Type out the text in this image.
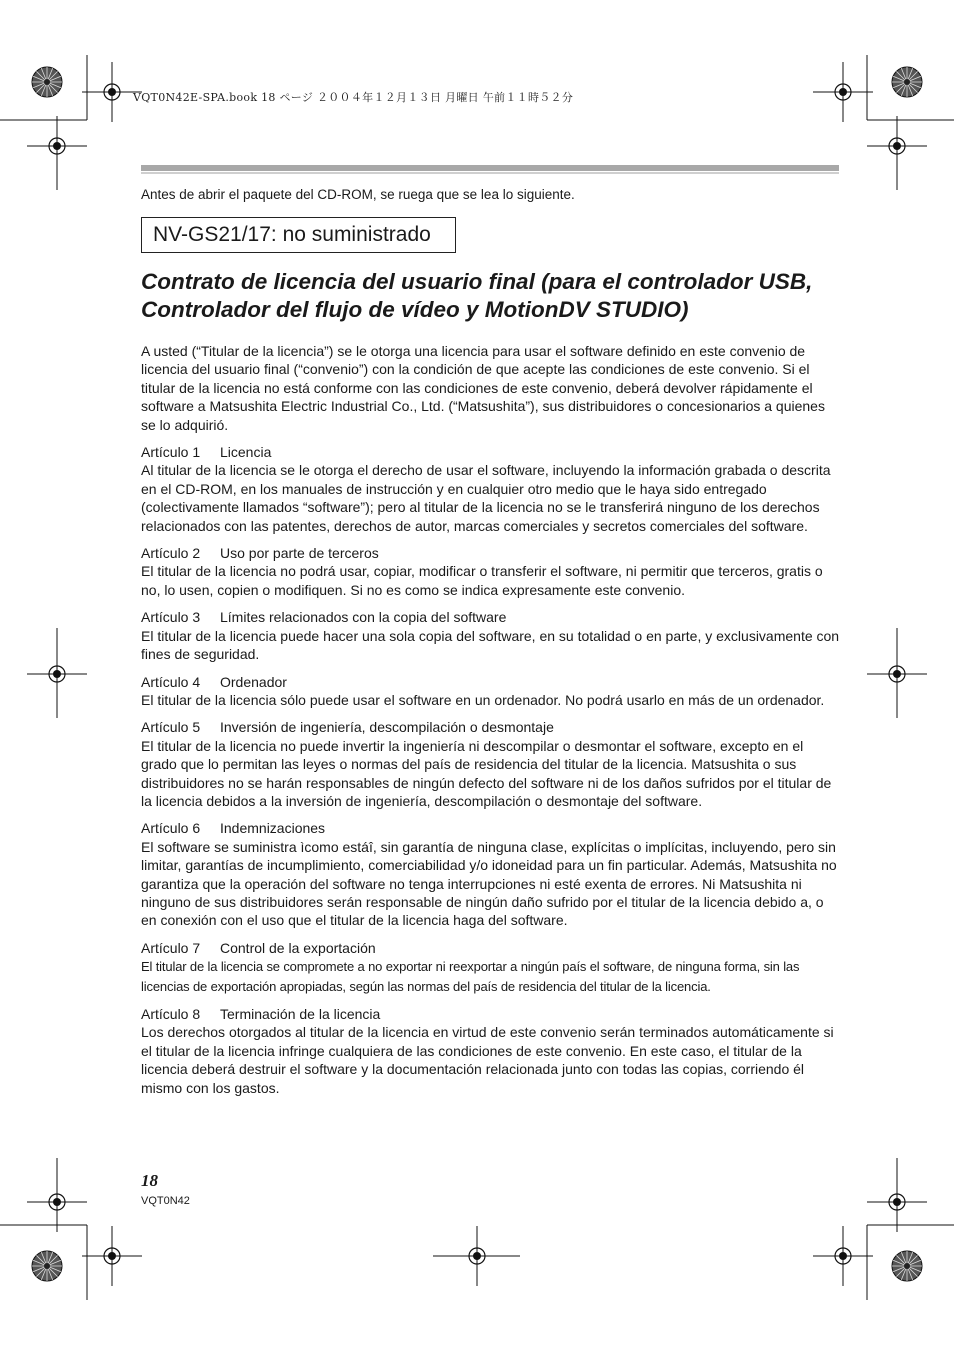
VQT0N42E-SPA.book 18 ページ ２００４年１２月１３日 月曜日 午前１１時５２分
Antes de abrir el paquete del CD-ROM, se ruega que se lea lo siguiente.
NV-GS21/17: no suministrado
Contrato de licencia del usuario final (para el controlador USB,
Controlador del flujo de vídeo y MotionDV STUDIO)

A usted (“Titular de la licencia”) se le otorga una licencia para usar el software definido en este convenio de licencia del usuario final (“convenio”) con la condición de que acepte las condiciones de este convenio. Si el titular de la licencia no está conforme con las condiciones de este convenio, deberá devolver rápidamente el software a Matsushita Electric Industrial Co., Ltd. (“Matsushita”), sus distribuidores o concesionarios a quienes se lo adquirió.

Artículo 1 Licencia
Al titular de la licencia se le otorga el derecho de usar el software, incluyendo la información grabada o descrita en el CD-ROM, en los manuales de instrucción y en cualquier otro medio que le haya sido entregado (colectivamente llamados “software”); pero al titular de la licencia no se le transferirá ninguno de los derechos relacionados con las patentes, derechos de autor, marcas comerciales y secretos comerciales del software.

Artículo 2 Uso por parte de terceros
El titular de la licencia no podrá usar, copiar, modificar o transferir el software, ni permitir que terceros, gratis o no, lo usen, copien o modifiquen. Si no es como se indica expresamente este convenio.

Artículo 3 Límites relacionados con la copia del software
El titular de la licencia puede hacer una sola copia del software, en su totalidad o en parte, y exclusivamente con fines de seguridad.

Artículo 4 Ordenador
El titular de la licencia sólo puede usar el software en un ordenador. No podrá usarlo en más de un ordenador.

Artículo 5 Inversión de ingeniería, descompilación o desmontaje
El titular de la licencia no puede invertir la ingeniería ni descompilar o desmontar el software, excepto en el grado que lo permitan las leyes o normas del país de residencia del titular de la licencia. Matsushita o sus distribuidores no se harán responsables de ningún defecto del software ni de los daños sufridos por el titular de la licencia debidos a la inversión de ingeniería, descompilación o desmontaje del software.

Artículo 6 Indemnizaciones
El software se suministra ìcomo estáî, sin garantía de ninguna clase, explícitas o implícitas, incluyendo, pero sin limitar, garantías de incumplimiento, comerciabilidad y/o idoneidad para un fin particular. Además, Matsushita no garantiza que la operación del software no tenga interrupciones ni esté exenta de errores. Ni Matsushita ni ninguno de sus distribuidores serán responsable de ningún daño sufrido por el titular de la licencia debido a, o en conexión con el uso que el titular de la licencia haga del software.

Artículo 7 Control de la exportación
El titular de la licencia se compromete a no exportar ni reexportar a ningún país el software, de ninguna forma, sin las licencias de exportación apropiadas, según las normas del país de residencia del titular de la licencia.

Artículo 8 Terminación de la licencia
Los derechos otorgados al titular de la licencia en virtud de este convenio serán terminados automáticamente si el titular de la licencia infringe cualquiera de las condiciones de este convenio. En este caso, el titular de la licencia deberá destruir el software y la documentación relacionada junto con todas las copias, corriendo él mismo con los gastos.

18
VQT0N42
